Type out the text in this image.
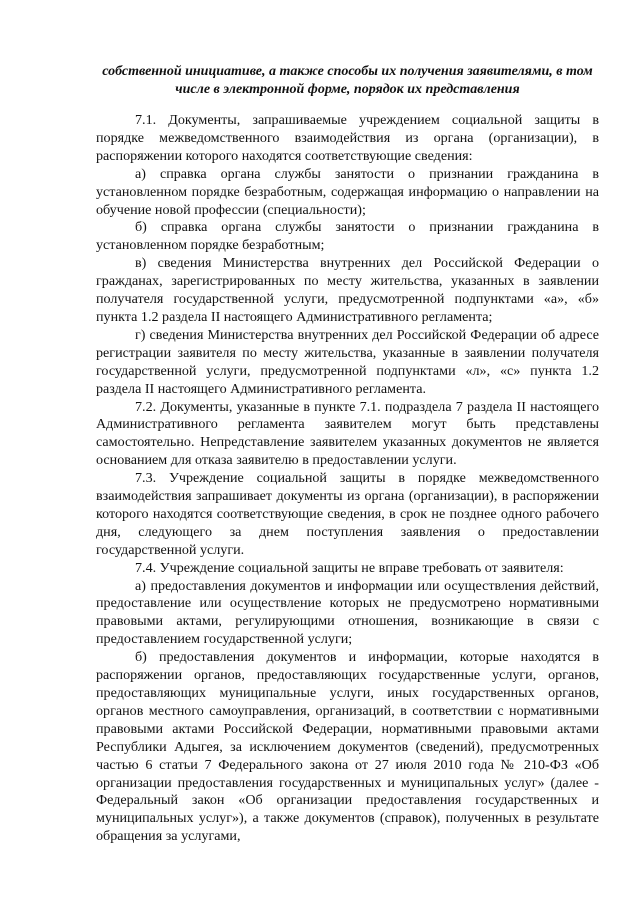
собственной инициативе, а также способы их получения заявителями, в том числе в электронной форме, порядок их представления

7.1. Документы, запрашиваемые учреждением социальной защиты в порядке межведомственного взаимодействия из органа (организации), в распоряжении которого находятся соответствующие сведения:

а) справка органа службы занятости о признании гражданина в установленном порядке безработным, содержащая информацию о направлении на обучение новой профессии (специальности);

б) справка органа службы занятости о признании гражданина в установленном порядке безработным;

в) сведения Министерства внутренних дел Российской Федерации о гражданах, зарегистрированных по месту жительства, указанных в заявлении получателя государственной услуги, предусмотренной подпунктами «а», «б» пункта 1.2 раздела II настоящего Административного регламента;

г) сведения Министерства внутренних дел Российской Федерации об адресе регистрации заявителя по месту жительства, указанные в заявлении получателя государственной услуги, предусмотренной подпунктами «л», «с» пункта 1.2 раздела II настоящего Административного регламента.

7.2. Документы, указанные в пункте 7.1. подраздела 7 раздела II настоящего Административного регламента заявителем могут быть представлены самостоятельно. Непредставление заявителем указанных документов не является основанием для отказа заявителю в предоставлении услуги.

7.3. Учреждение социальной защиты в порядке межведомственного взаимодействия запрашивает документы из органа (организации), в распоряжении которого находятся соответствующие сведения, в срок не позднее одного рабочего дня, следующего за днем поступления заявления о предоставлении государственной услуги.

7.4. Учреждение социальной защиты не вправе требовать от заявителя:

а) предоставления документов и информации или осуществления действий, предоставление или осуществление которых не предусмотрено нормативными правовыми актами, регулирующими отношения, возникающие в связи с предоставлением государственной услуги;

б) предоставления документов и информации, которые находятся в распоряжении органов, предоставляющих государственные услуги, органов, предоставляющих муниципальные услуги, иных государственных органов, органов местного самоуправления, организаций, в соответствии с нормативными правовыми актами Российской Федерации, нормативными правовыми актами Республики Адыгея, за исключением документов (сведений), предусмотренных частью 6 статьи 7 Федерального закона от 27 июля 2010 года № 210-ФЗ «Об организации предоставления государственных и муниципальных услуг» (далее - Федеральный закон «Об организации предоставления государственных и муниципальных услуг»), а также документов (справок), полученных в результате обращения за услугами,
